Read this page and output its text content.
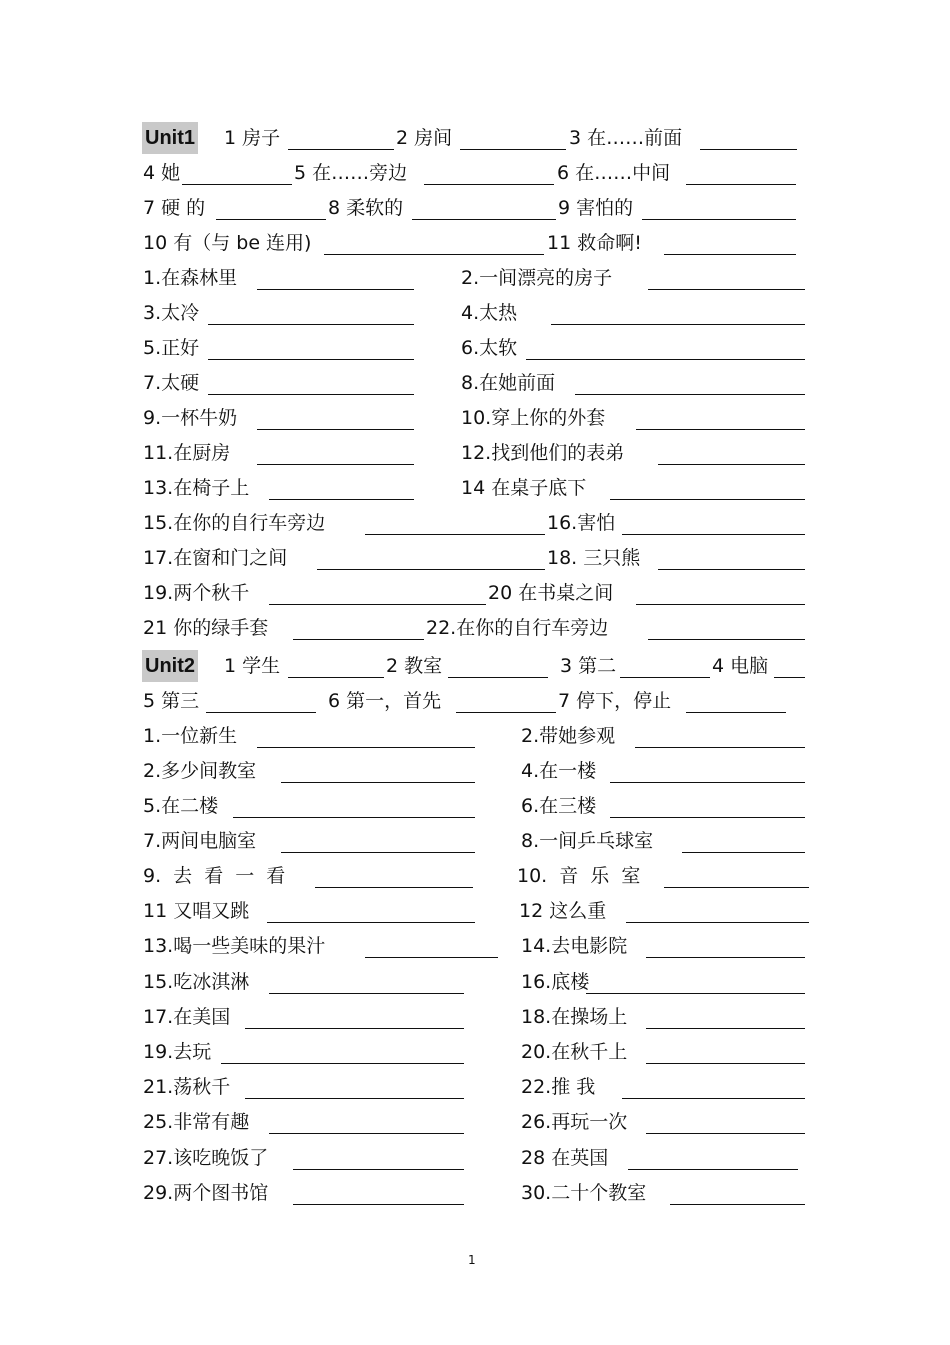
Unit1 1 房子	2 房间	3 在……前面
4 她	5 在……旁边	6 在……中间
7 硬 的	8 柔软的	9 害怕的
10 有（与 be 连用)	11 救命啊!
1.在森林里	2.一间漂亮的房子
3.太冷	4.太热
5.正好	6.太软
7.太硬	8.在她前面
9.一杯牛奶	10.穿上你的外套
11.在厨房	12.找到他们的表弟
13.在椅子上	14 在桌子底下
15.在你的自行车旁边	16.害怕
17.在窗和门之间	18. 三只熊
19.两个秋千	20 在书桌之间
21 你的绿手套	22.在你的自行车旁边
Unit2 1 学生	2 教室	3 第二	4 电脑
5 第三	6 第一，首先	7 停下，停止
1.一位新生	2.带她参观
2.多少间教室	4.在一楼
5.在二楼	6.在三楼
7.两间电脑室	8.一间乒乓球室
9. 去 看 一 看	10. 音 乐 室
11 又唱又跳	12 这么重
13.喝一些美味的果汁	14.去电影院
15.吃冰淇淋	16.底楼
17.在美国	18.在操场上
19.去玩	20.在秋千上
21.荡秋千	22.推 我
25.非常有趣	26.再玩一次
27.该吃晚饭了	28 在英国
29.两个图书馆	30.二十个教室
1
